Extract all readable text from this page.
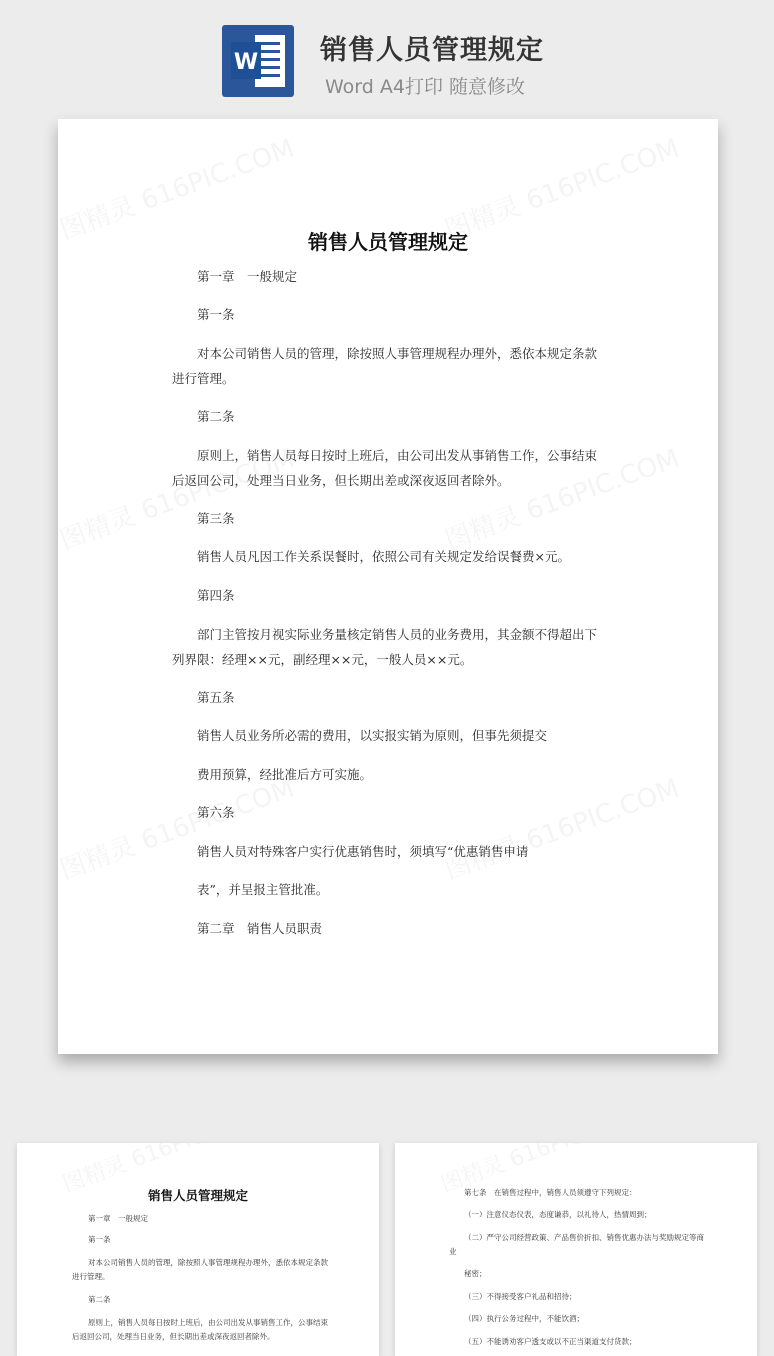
W 销售人员管理规定
Word A4打印 随意修改
销售人员管理规定
第一章　一般规定
第一条
对本公司销售人员的管理，除按照人事管理规程办理外，悉依本规定条款
进行管理。
第二条
原则上，销售人员每日按时上班后，由公司出发从事销售工作，公事结束
后返回公司，处理当日业务，但长期出差或深夜返回者除外。
第三条
销售人员凡因工作关系误餐时，依照公司有关规定发给误餐费×元。
第四条
部门主管按月视实际业务量核定销售人员的业务费用，其金额不得超出下
列界限：经理××元，副经理××元，一般人员××元。
第五条
销售人员业务所必需的费用，以实报实销为原则，但事先须提交
费用预算，经批准后方可实施。
第六条
销售人员对特殊客户实行优惠销售时，须填写“优惠销售申请
表”，并呈报主管批准。
第二章　销售人员职责
销售人员管理规定
第一章　一般规定
第一条
对本公司销售人员的管理，除按照人事管理规程办理外，悉依本规定条款
进行管理。
第二条
原则上，销售人员每日按时上班后，由公司出发从事销售工作，公事结束
后返回公司，处理当日业务，但长期出差或深夜返回者除外。
第七条　在销售过程中，销售人员须遵守下列规定：
（一）注意仪态仪表，态度谦恭，以礼待人，热情周到；
（二）严守公司经营政策、产品售价折扣、销售优惠办法与奖励规定等商
业
秘密；
（三）不得接受客户礼品和招待；
（四）执行公务过程中，不能饮酒；
（五）不能诱劝客户透支或以不正当渠道支付货款；
